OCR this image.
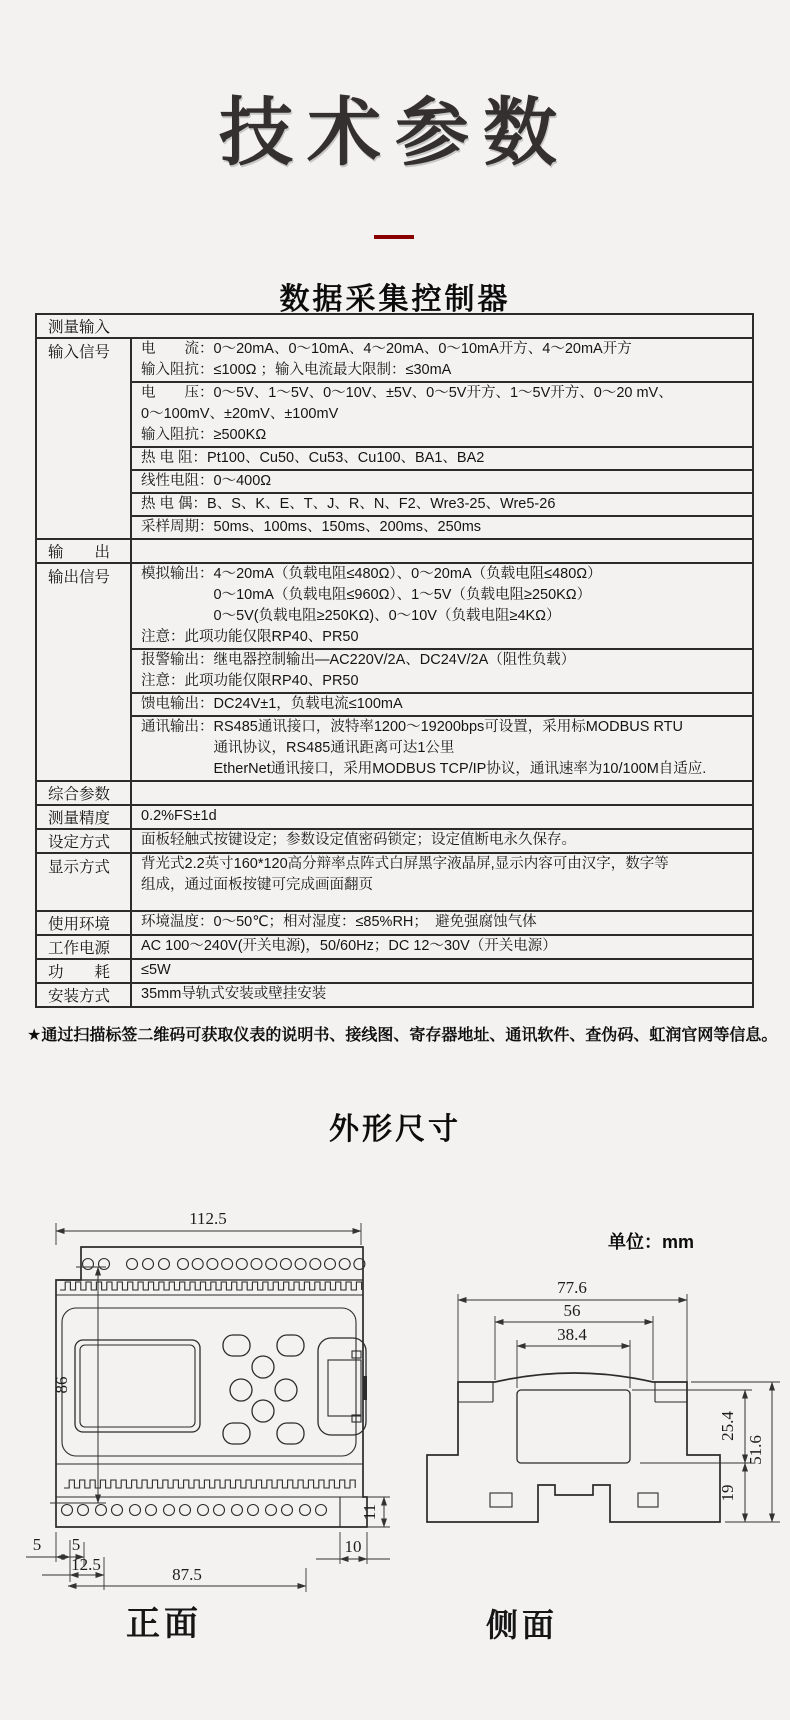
技术参数
数据采集控制器
测量输入
输入信号	电　　流：0～20mA、0～10mA、4～20mA、0～10mA开方、4～20mA开方
输入阻抗：≤100Ω ；输入电流最大限制：≤30mA
电　　压：0～5V、1～5V、0～10V、±5V、0～5V开方、1～5V开方、0～20 mV、
0～100mV、±20mV、±100mV
输入阻抗：≥500KΩ
热 电 阻：Pt100、Cu50、Cu53、Cu100、BA1、BA2
线性电阻：0～400Ω
热 电 偶：B、S、K、E、T、J、R、N、F2、Wre3-25、Wre5-26
采样周期：50ms、100ms、150ms、200ms、250ms
输　　出
输出信号	模拟输出：4～20mA（负载电阻≤480Ω）、0～20mA（负载电阻≤480Ω）
　　　　　0～10mA（负载电阻≤960Ω）、1～5V（负载电阻≥250KΩ）
　　　　　0～5V(负载电阻≥250KΩ)、0～10V（负载电阻≥4KΩ）
注意：此项功能仅限RP40、PR50
报警输出：继电器控制输出—AC220V/2A、DC24V/2A（阻性负载）
注意：此项功能仅限RP40、PR50
馈电输出：DC24V±1，负载电流≤100mA
通讯输出：RS485通讯接口，波特率1200～19200bps可设置，采用标MODBUS RTU
　　　　　通讯协议，RS485通讯距离可达1公里
　　　　　EtherNet通讯接口，采用MODBUS TCP/IP协议，通讯速率为10/100M自适应.
综合参数
测量精度	0.2%FS±1d
设定方式	面板轻触式按键设定；参数设定值密码锁定；设定值断电永久保存。
显示方式	背光式2.2英寸160*120高分辩率点阵式白屏黑字液晶屏,显示内容可由汉字，数字等
组成，通过面板按键可完成画面翻页
使用环境	环境温度：0～50℃；相对湿度：≤85%RH；　避免强腐蚀气体
工作电源	AC 100～240V(开关电源)，50/60Hz；DC 12～30V（开关电源）
功　　耗	≤5W
安装方式	35mm导轨式安装或壁挂安装

★通过扫描标签二维码可获取仪表的说明书、接线图、寄存器地址、通讯软件、查伪码、虹润官网等信息。

外形尺寸
单位：mm
112.5
86
5 5
12.5
87.5
10
11
77.6
56
38.4
25.4
19
51.6
正面	侧面
